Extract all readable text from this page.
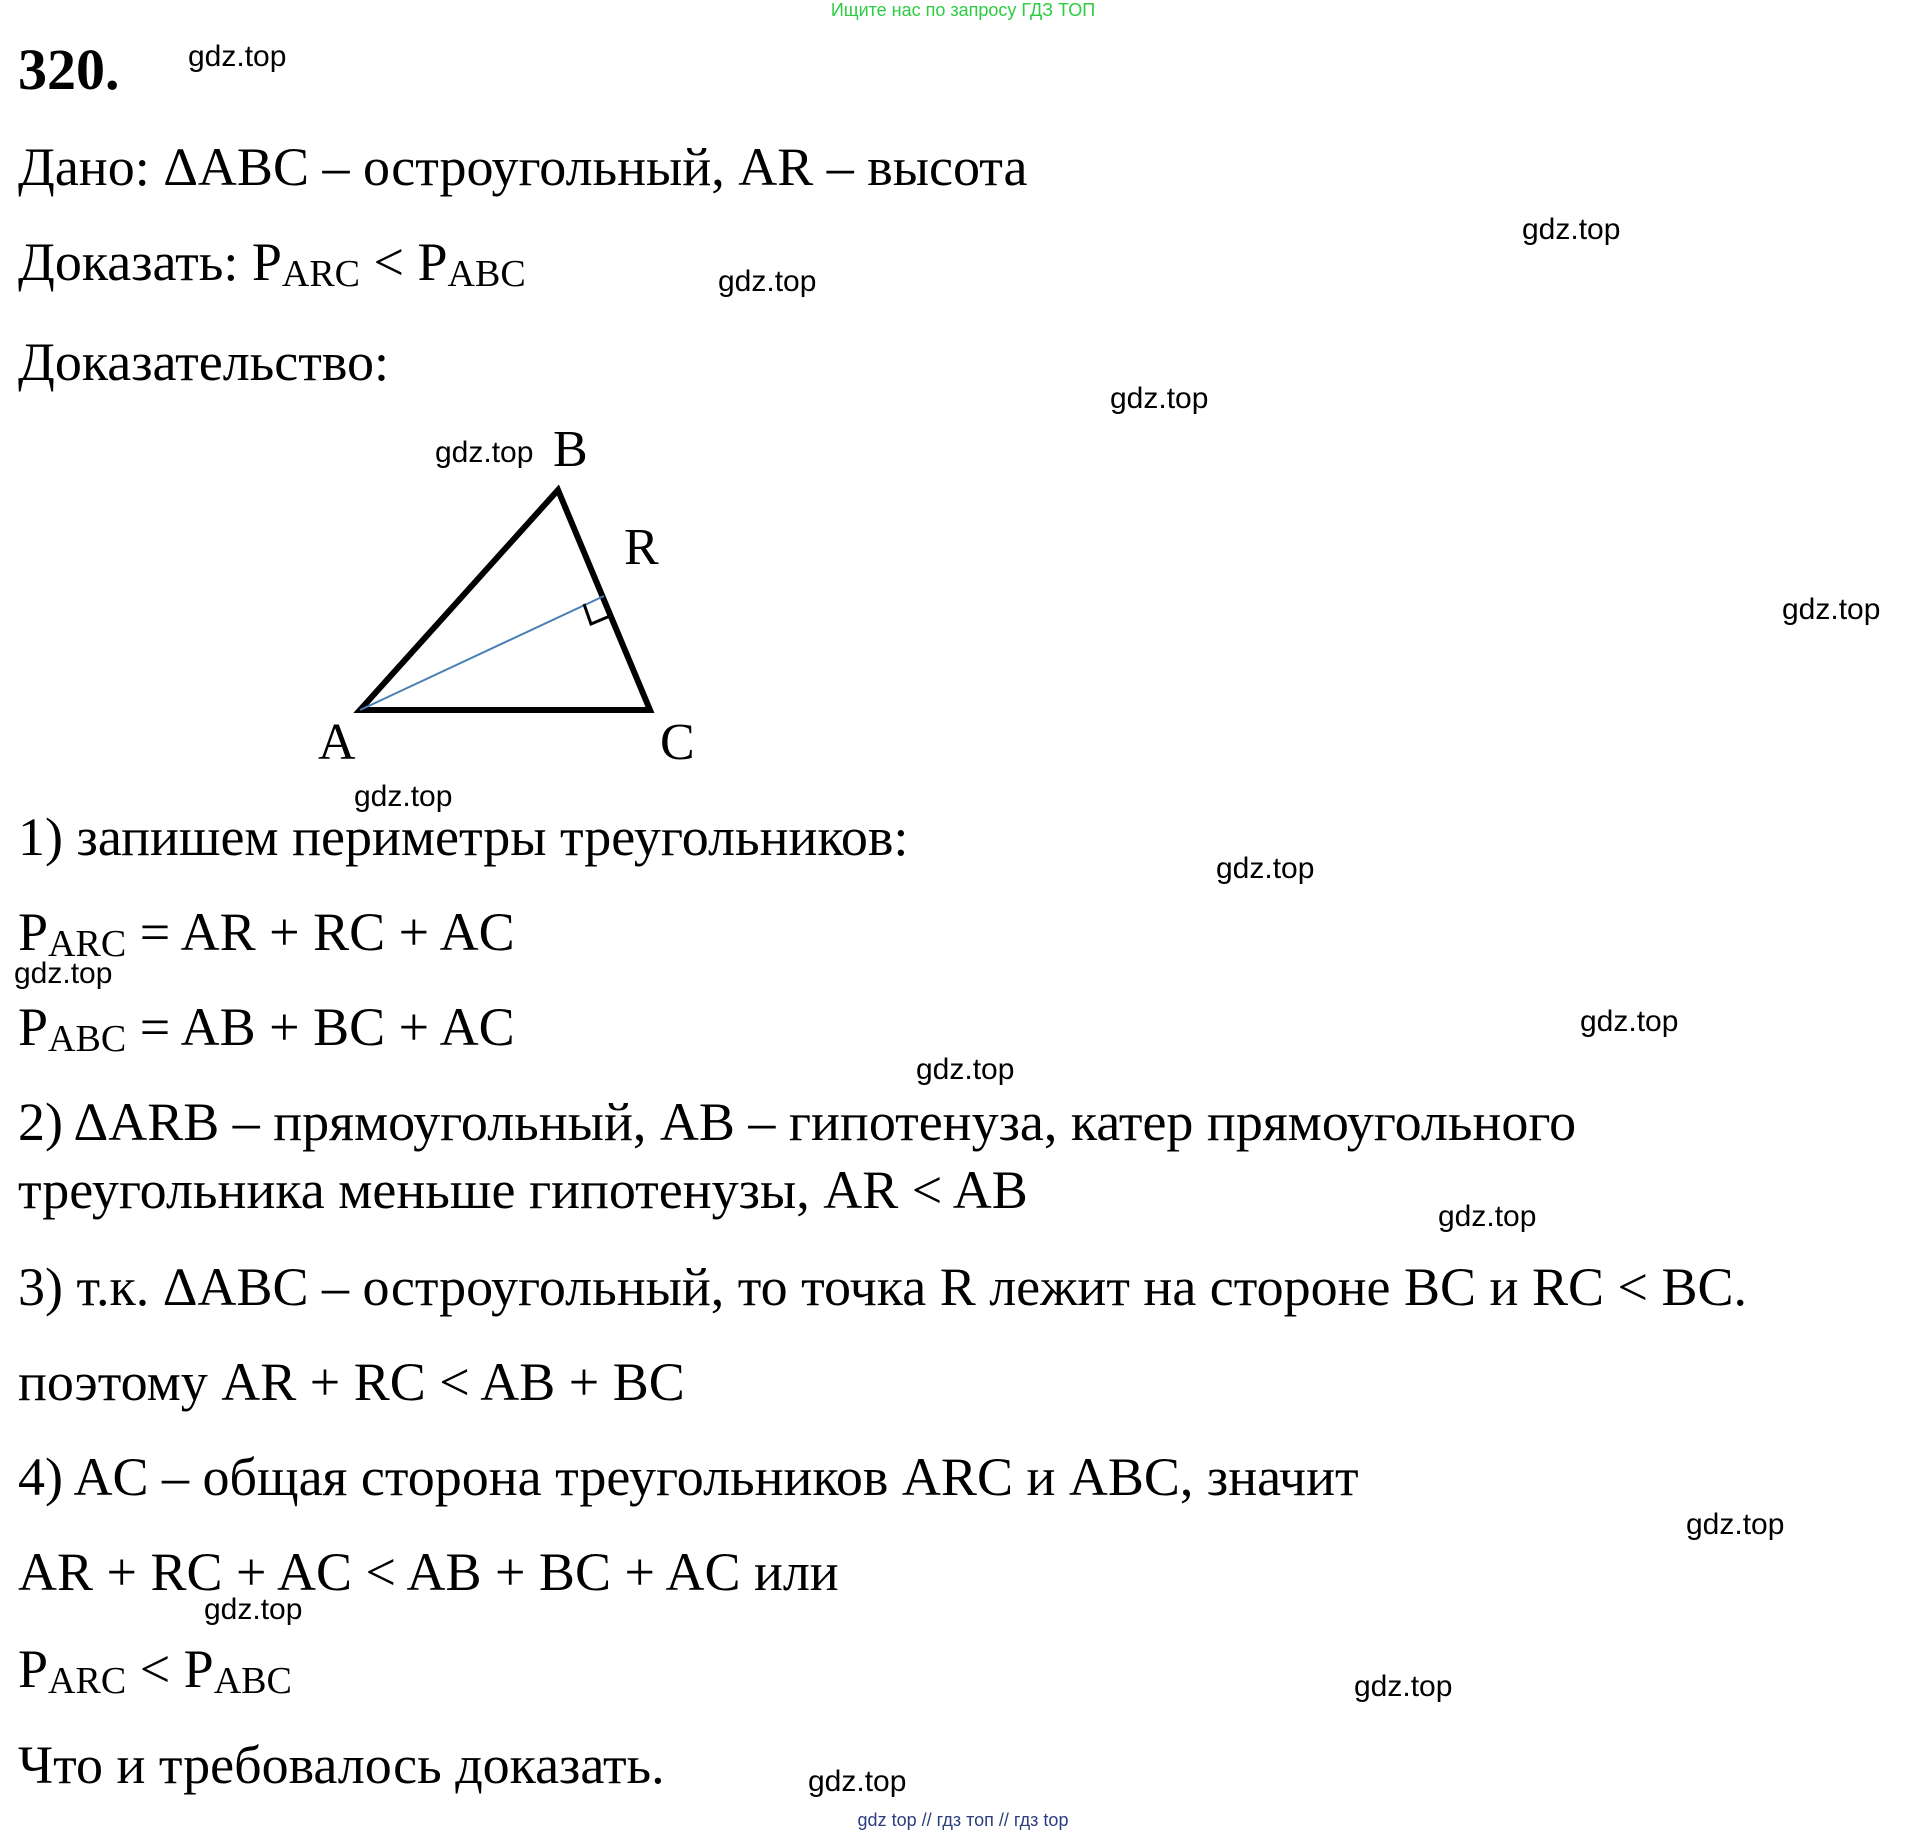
Ищите нас по запросу ГДЗ ТОП
320.
Дано: ΔABC – остроугольный, AR – высота
Доказать: $P_{ARC} < P_{ABC}$
Доказательство:
B
R
A	C
1) запишем периметры треугольников:
$P_{ARC}$ = AR + RC + AC
$P_{ABC}$ = AB + BC + AC
2) ΔARB – прямоугольный, AB – гипотенуза, катер прямоугольного
треугольника меньше гипотенузы, AR < AB
3) т.к. ΔABC – остроугольный, то точка R лежит на стороне BC и RC < BC.
поэтому AR + RC < AB + BC
4) AC – общая сторона треугольников ARC и ABC, значит
AR + RC + AC < AB + BC + AC или
$P_{ARC} < P_{ABC}$
Что и требовалось доказать.
gdz.top
gdz.top
gdz.top
gdz.top
gdz.top
gdz.top
gdz.top
gdz.top
gdz.top
gdz.top
gdz.top
gdz.top
gdz.top
gdz.top
gdz.top
gdz.top
gdz top // гдз топ // гдз top
